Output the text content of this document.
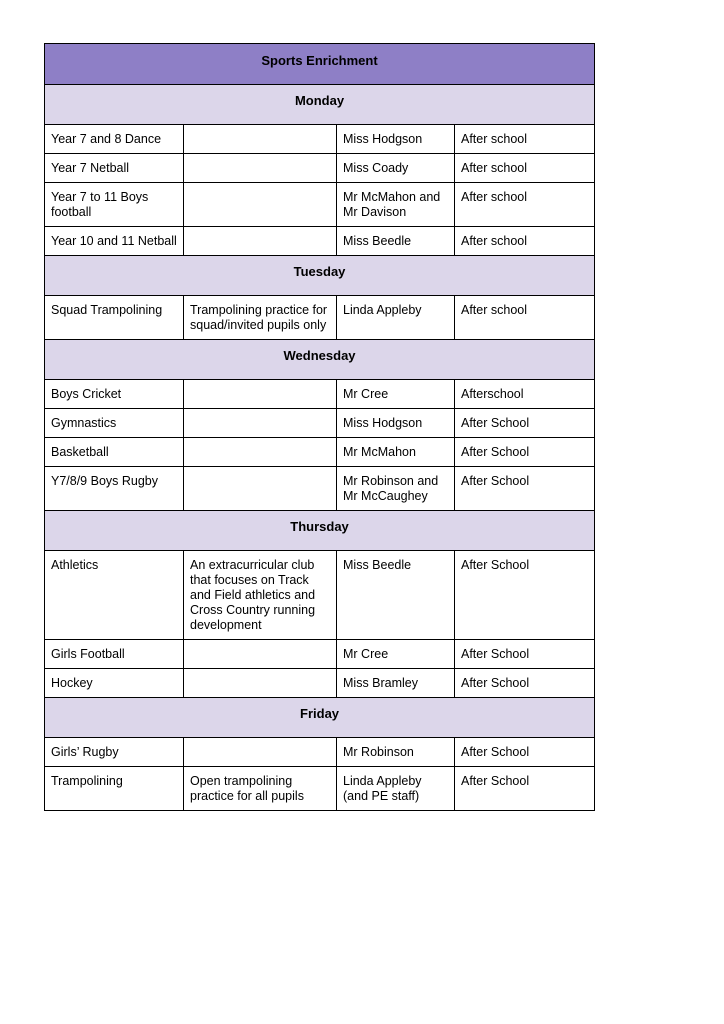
Sports Enrichment			
Monday			
Year 7 and 8 Dance		Miss Hodgson	After school
Year 7 Netball		Miss Coady	After school
Year 7 to 11 Boys football		Mr McMahon and Mr Davison	After school
Year 10 and 11 Netball		Miss Beedle	After school
Tuesday			
Squad Trampolining	Trampolining practice for squad/invited pupils only	Linda Appleby	After school
Wednesday			
Boys Cricket		Mr Cree	Afterschool
Gymnastics		Miss Hodgson	After School
Basketball		Mr McMahon	After School
Y7/8/9 Boys Rugby		Mr Robinson and Mr McCaughey	After School
Thursday			
Athletics	An extracurricular club that focuses on Track and Field athletics and Cross Country running development	Miss Beedle	After School
Girls Football		Mr Cree	After School
Hockey		Miss Bramley	After School
Friday			
Girls’ Rugby		Mr Robinson	After School
Trampolining	Open trampolining practice for all pupils	Linda Appleby (and PE staff)	After School
